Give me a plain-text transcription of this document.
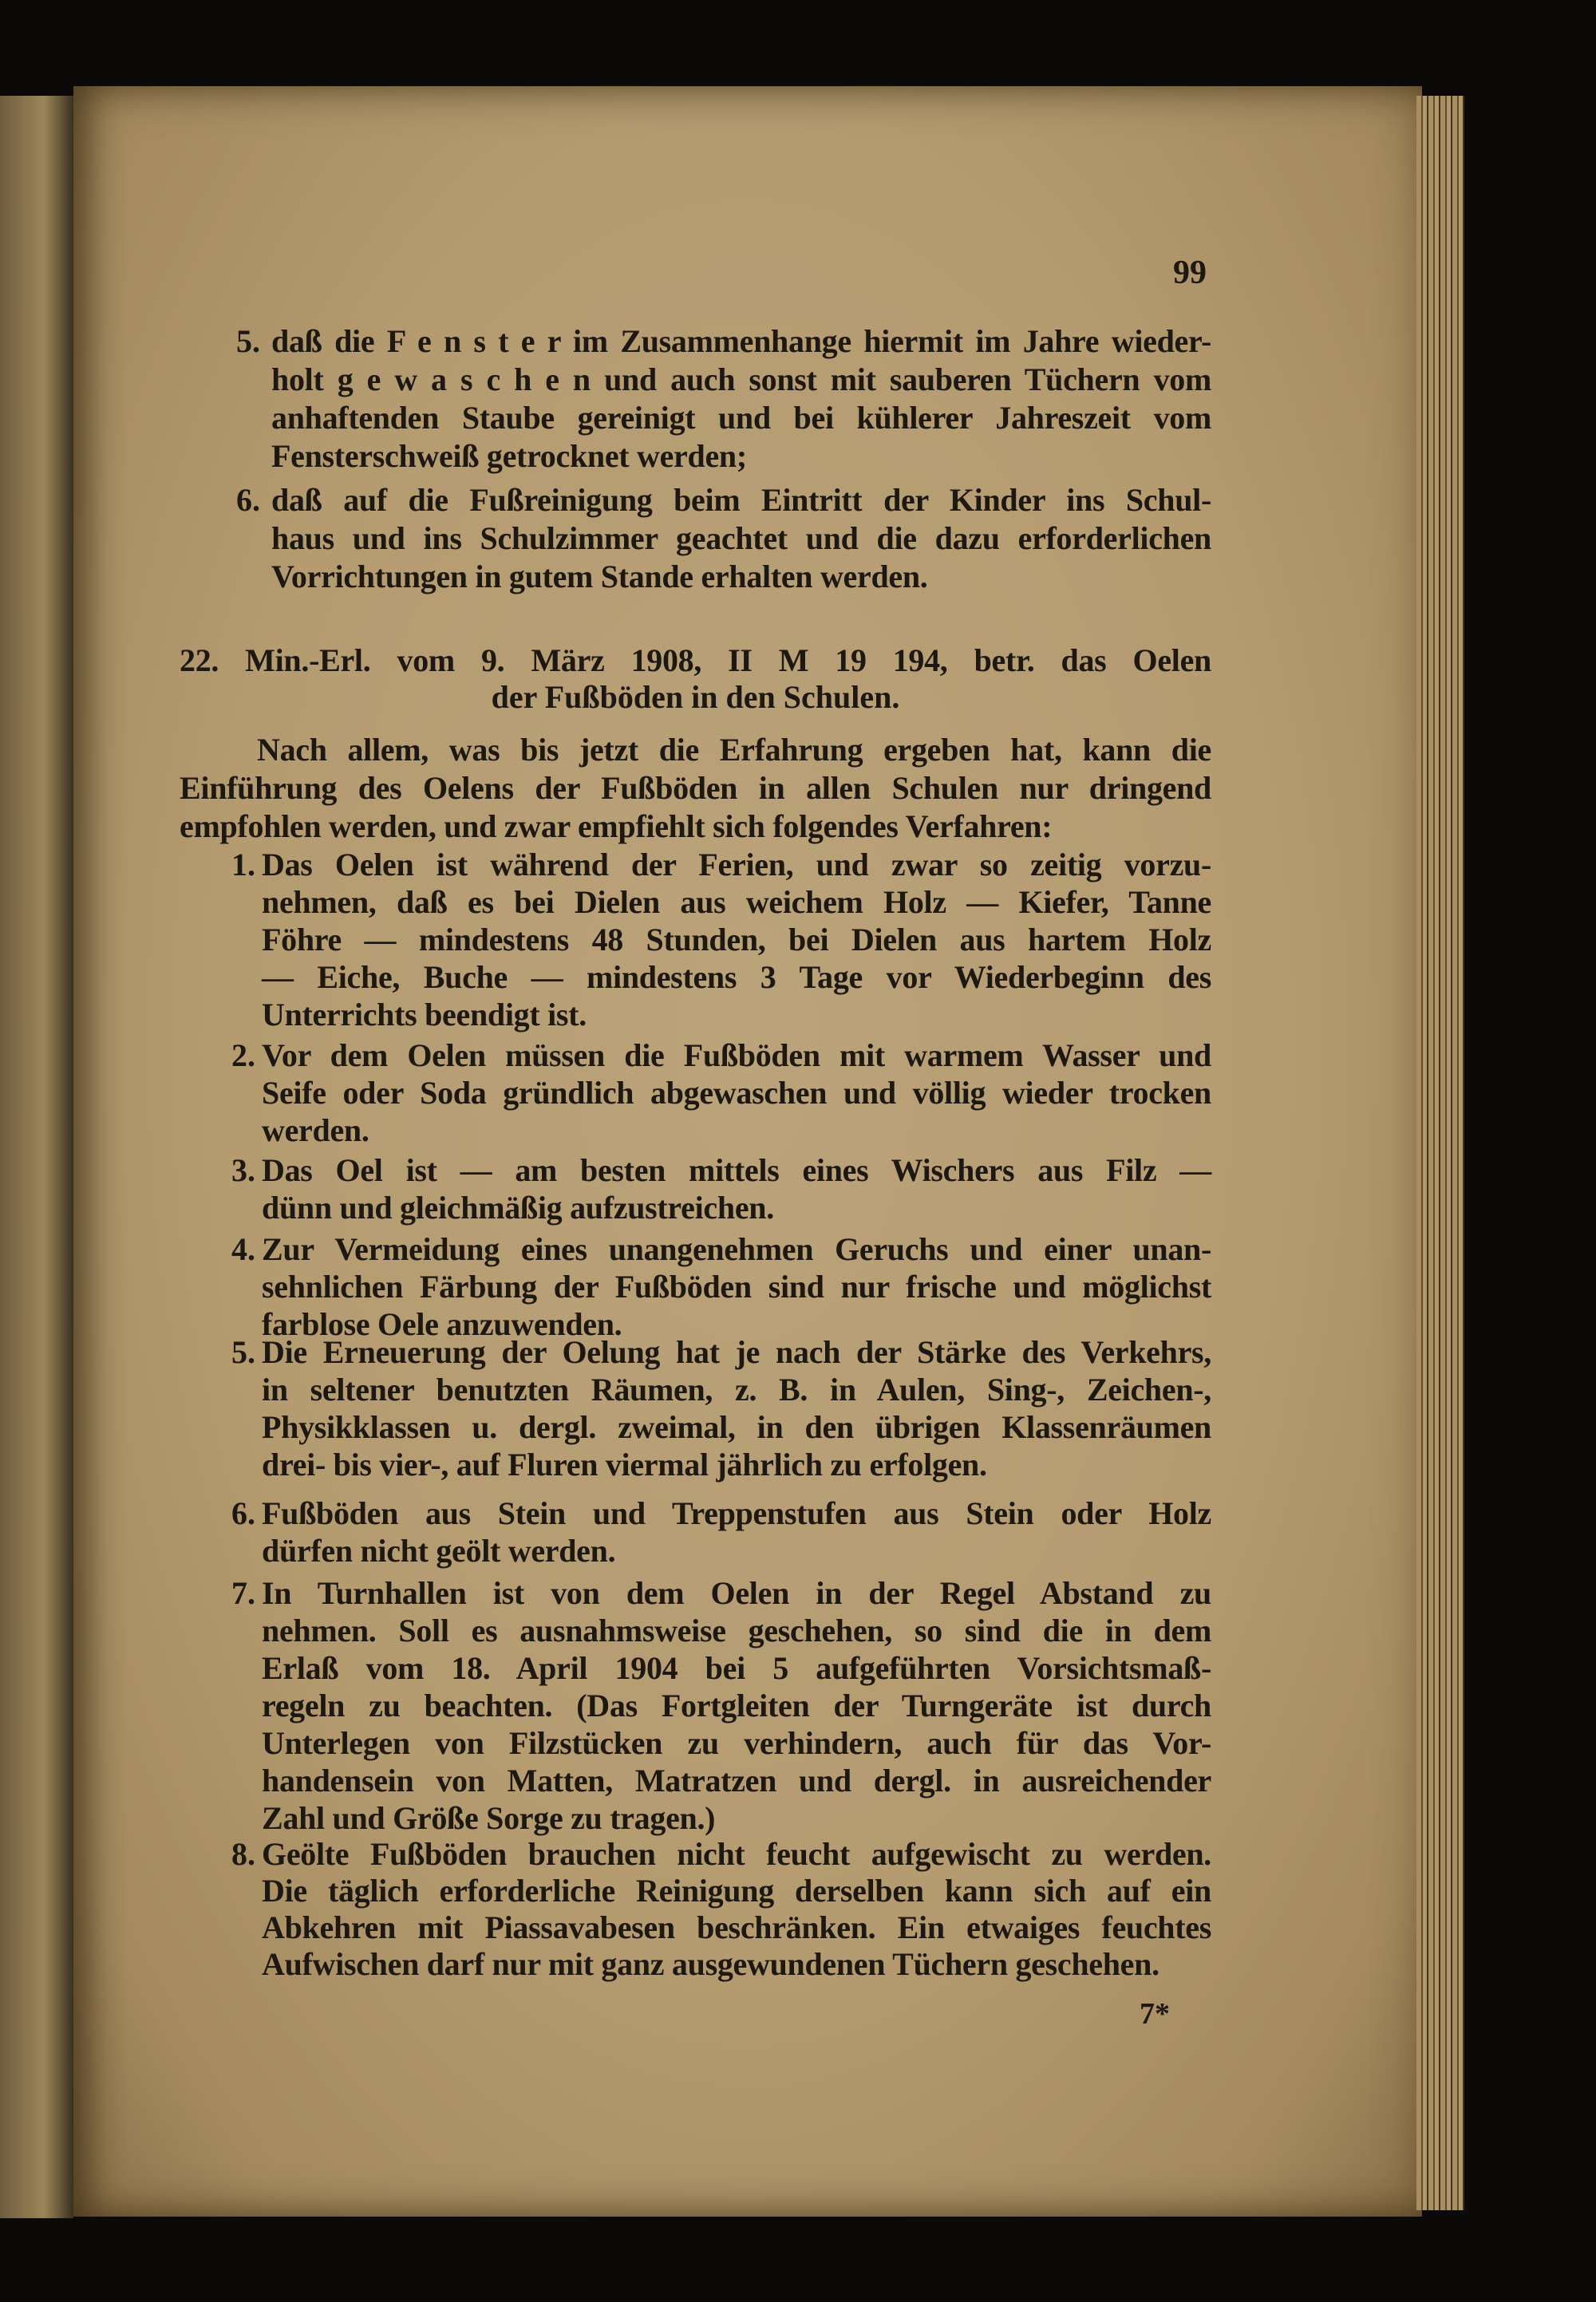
99
5. daß die F e n s t e r im Zusammenhange hiermit im Jahre wieder-
holt g e w a s c h e n und auch sonst mit sauberen Tüchern vom
anhaftenden Staube gereinigt und bei kühlerer Jahreszeit vom
Fensterschweiß getrocknet werden;
6. daß auf die Fußreinigung beim Eintritt der Kinder ins Schul-
haus und ins Schulzimmer geachtet und die dazu erforderlichen
Vorrichtungen in gutem Stande erhalten werden.
22. Min.-Erl. vom 9. März 1908, II M 19 194, betr. das Oelen
Nach allem, was bis jetzt die Erfahrung ergeben hat, kann die
Einführung des Oelens der Fußböden in allen Schulen nur dringend
empfohlen werden, und zwar empfiehlt sich folgendes Verfahren:
1. Das Oelen ist während der Ferien, und zwar so zeitig vorzu-
nehmen, daß es bei Dielen aus weichem Holz — Kiefer, Tanne
Föhre — mindestens 48 Stunden, bei Dielen aus hartem Holz
— Eiche, Buche — mindestens 3 Tage vor Wiederbeginn des
Unterrichts beendigt ist.
2. Vor dem Oelen müssen die Fußböden mit warmem Wasser und
Seife oder Soda gründlich abgewaschen und völlig wieder trocken
werden.
3. Das Oel ist — am besten mittels eines Wischers aus Filz —
dünn und gleichmäßig aufzustreichen.
4. Zur Vermeidung eines unangenehmen Geruchs und einer unan-
sehnlichen Färbung der Fußböden sind nur frische und möglichst
farblose Oele anzuwenden.
5. Die Erneuerung der Oelung hat je nach der Stärke des Verkehrs,
in seltener benutzten Räumen, z. B. in Aulen, Sing-, Zeichen-,
Physikklassen u. dergl. zweimal, in den übrigen Klassenräumen
drei- bis vier-, auf Fluren viermal jährlich zu erfolgen.
6. Fußböden aus Stein und Treppenstufen aus Stein oder Holz
dürfen nicht geölt werden.
7. In Turnhallen ist von dem Oelen in der Regel Abstand zu
nehmen. Soll es ausnahmsweise geschehen, so sind die in dem
Erlaß vom 18. April 1904 bei 5 aufgeführten Vorsichtsmaß-
regeln zu beachten. (Das Fortgleiten der Turngeräte ist durch
Unterlegen von Filzstücken zu verhindern, auch für das Vor-
handensein von Matten, Matratzen und dergl. in ausreichender
Zahl und Größe Sorge zu tragen.)
8. Geölte Fußböden brauchen nicht feucht aufgewischt zu werden.
Die täglich erforderliche Reinigung derselben kann sich auf ein
Abkehren mit Piassavabesen beschränken. Ein etwaiges feuchtes
Aufwischen darf nur mit ganz ausgewundenen Tüchern geschehen.
der Fußböden in den Schulen.
7*
